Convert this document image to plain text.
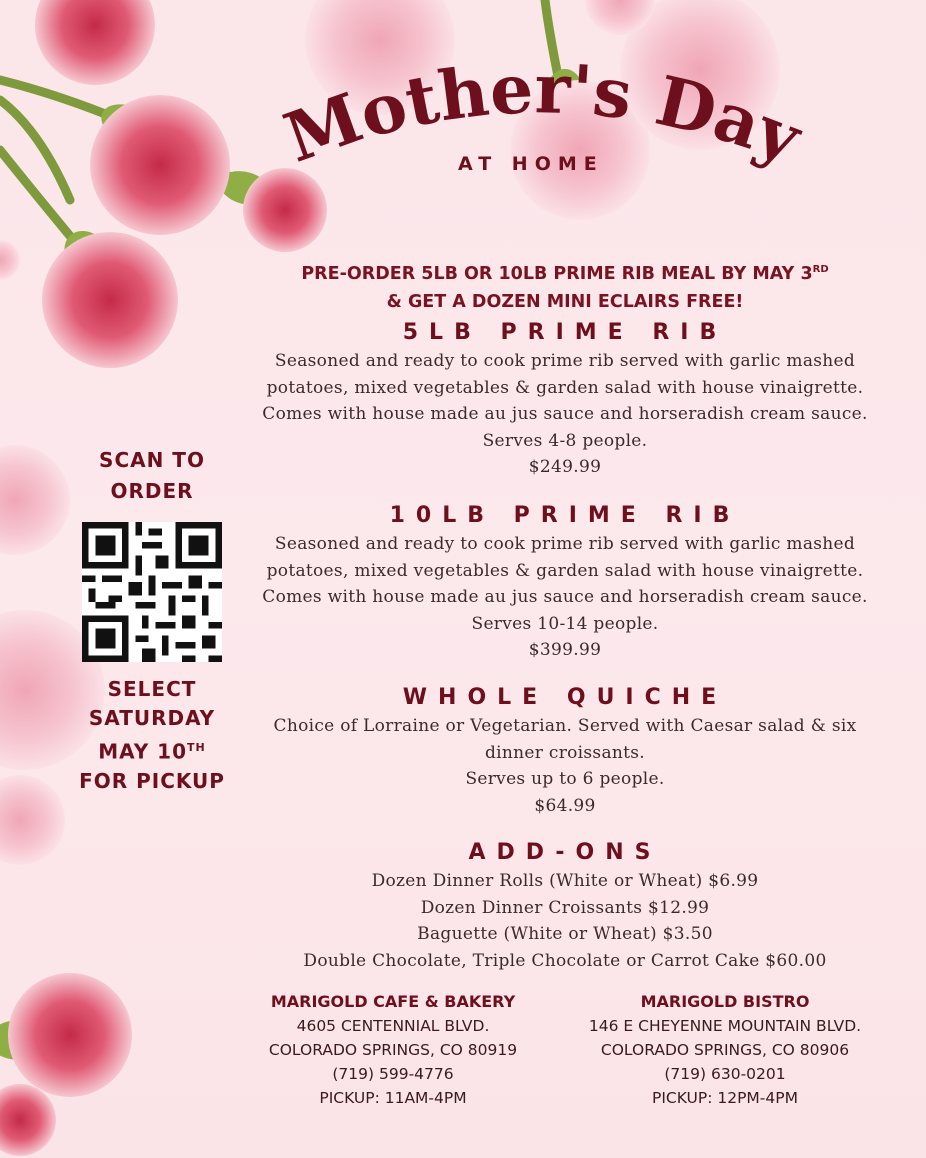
Mother's Day
AT HOME
PRE-ORDER 5LB OR 10LB PRIME RIB MEAL BY MAY 3RD
& GET A DOZEN MINI ECLAIRS FREE!
5LB PRIME RIB
Seasoned and ready to cook prime rib served with garlic mashed
potatoes, mixed vegetables & garden salad with house vinaigrette.
Comes with house made au jus sauce and horseradish cream sauce.
Serves 4-8 people.
$249.99
10LB PRIME RIB
Seasoned and ready to cook prime rib served with garlic mashed
potatoes, mixed vegetables & garden salad with house vinaigrette.
Comes with house made au jus sauce and horseradish cream sauce.
Serves 10-14 people.
$399.99
WHOLE QUICHE
Choice of Lorraine or Vegetarian. Served with Caesar salad & six
dinner croissants.
Serves up to 6 people.
$64.99
ADD-ONS
Dozen Dinner Rolls (White or Wheat) $6.99
Dozen Dinner Croissants $12.99
Baguette (White or Wheat) $3.50
Double Chocolate, Triple Chocolate or Carrot Cake $60.00
SCAN TO
ORDER
SELECT
SATURDAY
MAY 10TH
FOR PICKUP
MARIGOLD CAFE & BAKERY
4605 CENTENNIAL BLVD.
COLORADO SPRINGS, CO 80919
(719) 599-4776
PICKUP: 11AM-4PM
MARIGOLD BISTRO
146 E CHEYENNE MOUNTAIN BLVD.
COLORADO SPRINGS, CO 80906
(719) 630-0201
PICKUP: 12PM-4PM
